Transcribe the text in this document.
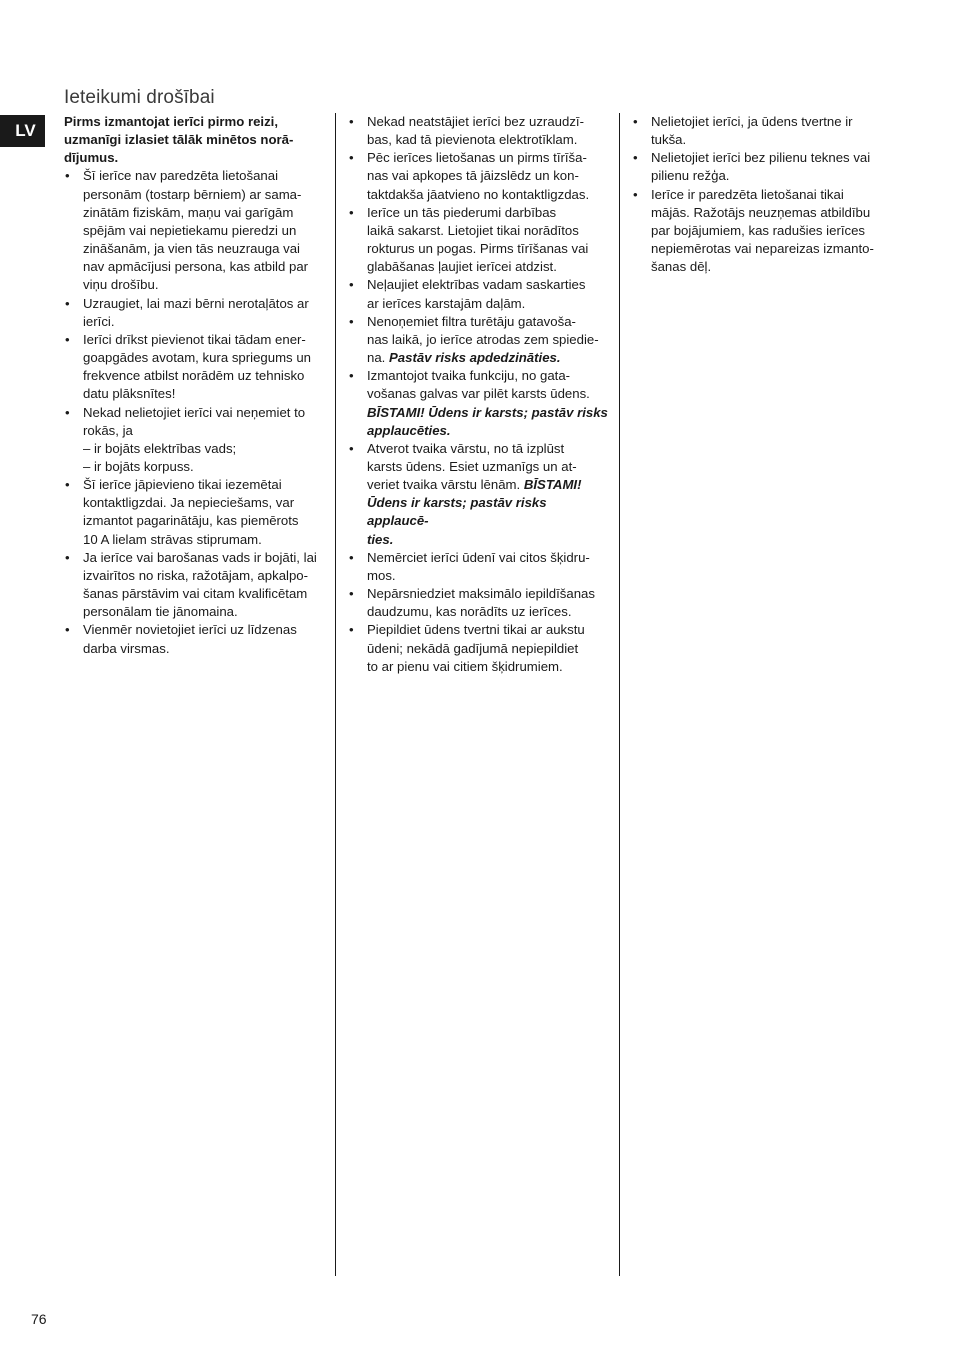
Ieteikumi drošībai
LV	Pirms izmantojat ierīci pirmo reizi,
uzmanīgi izlasiet tālāk minētos norā-
dījumus.

• Šī ierīce nav paredzēta lietošanai
personām (tostarp bērniem) ar sama-
zinātām fiziskām, maņu vai garīgām
spējām vai nepietiekamu pieredzi un
zināšanām, ja vien tās neuzrauga vai
nav apmācījusi persona, kas atbild par
viņu drošību.
• Uzraugiet, lai mazi bērni nerotaļātos ar
ierīci.
• Ierīci drīkst pievienot tikai tādam ener-
goapgādes avotam, kura spriegums un
frekvence atbilst norādēm uz tehnisko
datu plāksnītes!
• Nekad nelietojiet ierīci vai neņemiet to
rokās, ja
– ir bojāts elektrības vads;
– ir bojāts korpuss.
• Šī ierīce jāpievieno tikai iezemētai
kontaktligzdai. Ja nepieciešams, var
izmantot pagarinātāju, kas piemērots
10 A lielam strāvas stiprumam.
• Ja ierīce vai barošanas vads ir bojāti, lai
izvairītos no riska, ražotājam, apkalpo-
šanas pārstāvim vai citam kvalificētam
personālam tie jānomaina.
• Vienmēr novietojiet ierīci uz līdzenas
darba virsmas.
• Nekad neatstājiet ierīci bez uzraudzī-
bas, kad tā pievienota elektrotīklam.
• Pēc ierīces lietošanas un pirms tīrīša-
nas vai apkopes tā jāizslēdz un kon-
taktdakša jāatvieno no kontaktligzdas.
• Ierīce un tās piederumi darbības
laikā sakarst. Lietojiet tikai norādītos
rokturus un pogas. Pirms tīrīšanas vai
glabāšanas ļaujiet ierīcei atdzist.
• Neļaujiet elektrības vadam saskarties
ar ierīces karstajām daļām.
• Nenoņemiet filtra turētāju gatavoša-
nas laikā, jo ierīce atrodas zem spiedie-
na. Pastāv risks apdedzināties.
• Izmantojot tvaika funkciju, no gata-
vošanas galvas var pilēt karsts ūdens.
BĪSTAMI! Ūdens ir karsts; pastāv risks
applaucēties.
• Atverot tvaika vārstu, no tā izplūst
karsts ūdens. Esiet uzmanīgs un at-
veriet tvaika vārstu lēnām. BĪSTAMI!
Ūdens ir karsts; pastāv risks applaucē-
ties.
• Nemērciet ierīci ūdenī vai citos šķidru-
mos.
• Nepārsniedziet maksimālo iepildīšanas
daudzumu, kas norādīts uz ierīces.
• Piepildiet ūdens tvertni tikai ar aukstu
ūdeni; nekādā gadījumā nepiepildiet
to ar pienu vai citiem šķidrumiem.
• Nelietojiet ierīci, ja ūdens tvertne ir
tukša.
• Nelietojiet ierīci bez pilienu teknes vai
pilienu režģa.
• Ierīce ir paredzēta lietošanai tikai
mājās. Ražotājs neuzņemas atbildību
par bojājumiem, kas radušies ierīces
nepiemērotas vai nepareizas izmanto-
šanas dēļ.
76
